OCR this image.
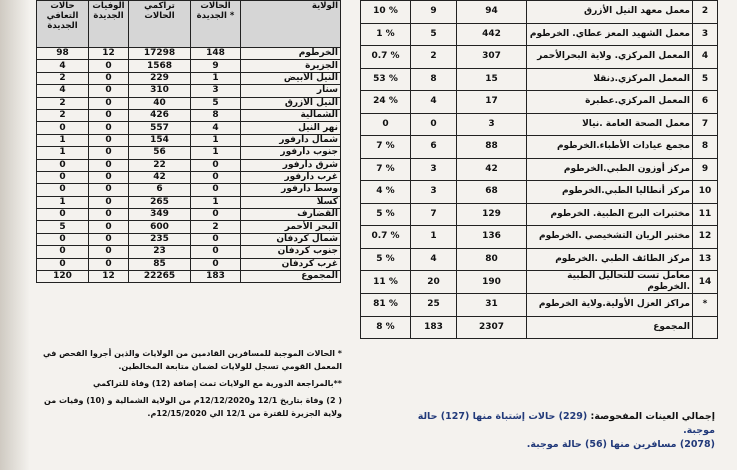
حالات التعافي الجديدة	الوفيات الجديدة	تراكمي الحالات	الحالات الجديدة *	الولاية
98	12	17298	148	الخرطوم
4	0	1568	9	الجزيرة
2	0	229	1	النيل الأبيض
4	0	310	3	سنار
2	0	40	5	النيل الأزرق
2	0	426	8	الشمالية
0	0	557	4	نهر النيل
1	0	154	1	شمال دارفور
1	0	56	1	جنوب دارفور
0	0	22	0	شرق دارفور
0	0	42	0	غرب دارفور
0	0	6	0	وسط دارفور
1	0	265	1	كسلا
0	0	349	0	القضارف
5	0	600	2	البحر الأحمر
0	0	235	0	شمال كردفان
0	0	23	0	جنوب كردفان
0	0	85	0	غرب كردفان
120	12	22265	183	المجموع

* الحالات الموجبة للمسافرين القادمين من الولايات والذين أجروا الفحص في المعمل القومي تسجل للولايات لضمان متابعة المخالطين.

**بالمراجعة الدورية مع الولايات تمت إضافة (12) وفاة للتراكمي

( 2) وفاة بتاريخ 12/1 و12/12/2020م من الولاية الشمالية و (10) وفيات من ولاية الجزيرة للفترة من 12/1 الي 12/15/2020م.

10 %	9	94	معمل معهد النيل الأزرق	2
1 %	5	442	معمل الشهيد المعز عطاي. الخرطوم	3
0.7 %	2	307	المعمل المركزي. ولاية البحرالأحمر	4
53 %	8	15	المعمل المركزي.دنقلا	5
24 %	4	17	المعمل المركزي.عطبرة	6
0	0	3	معمل الصحة العامة .نيالا	7
7 %	6	88	مجمع عيادات الأطباء.الخرطوم	8
7 %	3	42	مركز أوزون الطبي.الخرطوم	9
4 %	3	68	مركز أنطاليا الطبي.الخرطوم	10
5 %	7	129	مختبرات البرج الطبية. الخرطوم	11
0.7 %	1	136	مختبر الريان التشخيصي .الخرطوم	12
5 %	4	80	مركز الطائف الطبي .الخرطوم	13
11 %	20	190	معامل تست للتحاليل الطبية .الخرطوم	14
81 %	25	31	مراكز العزل الأولية.ولاية الخرطوم	*
8 %	183	2307	المجموع	
إجمالي العينات المفحوصة: (229) حالات إشتباة منها (127) حالة موجبة.
(2078) مسافرين منها (56) حالة موجبة.
